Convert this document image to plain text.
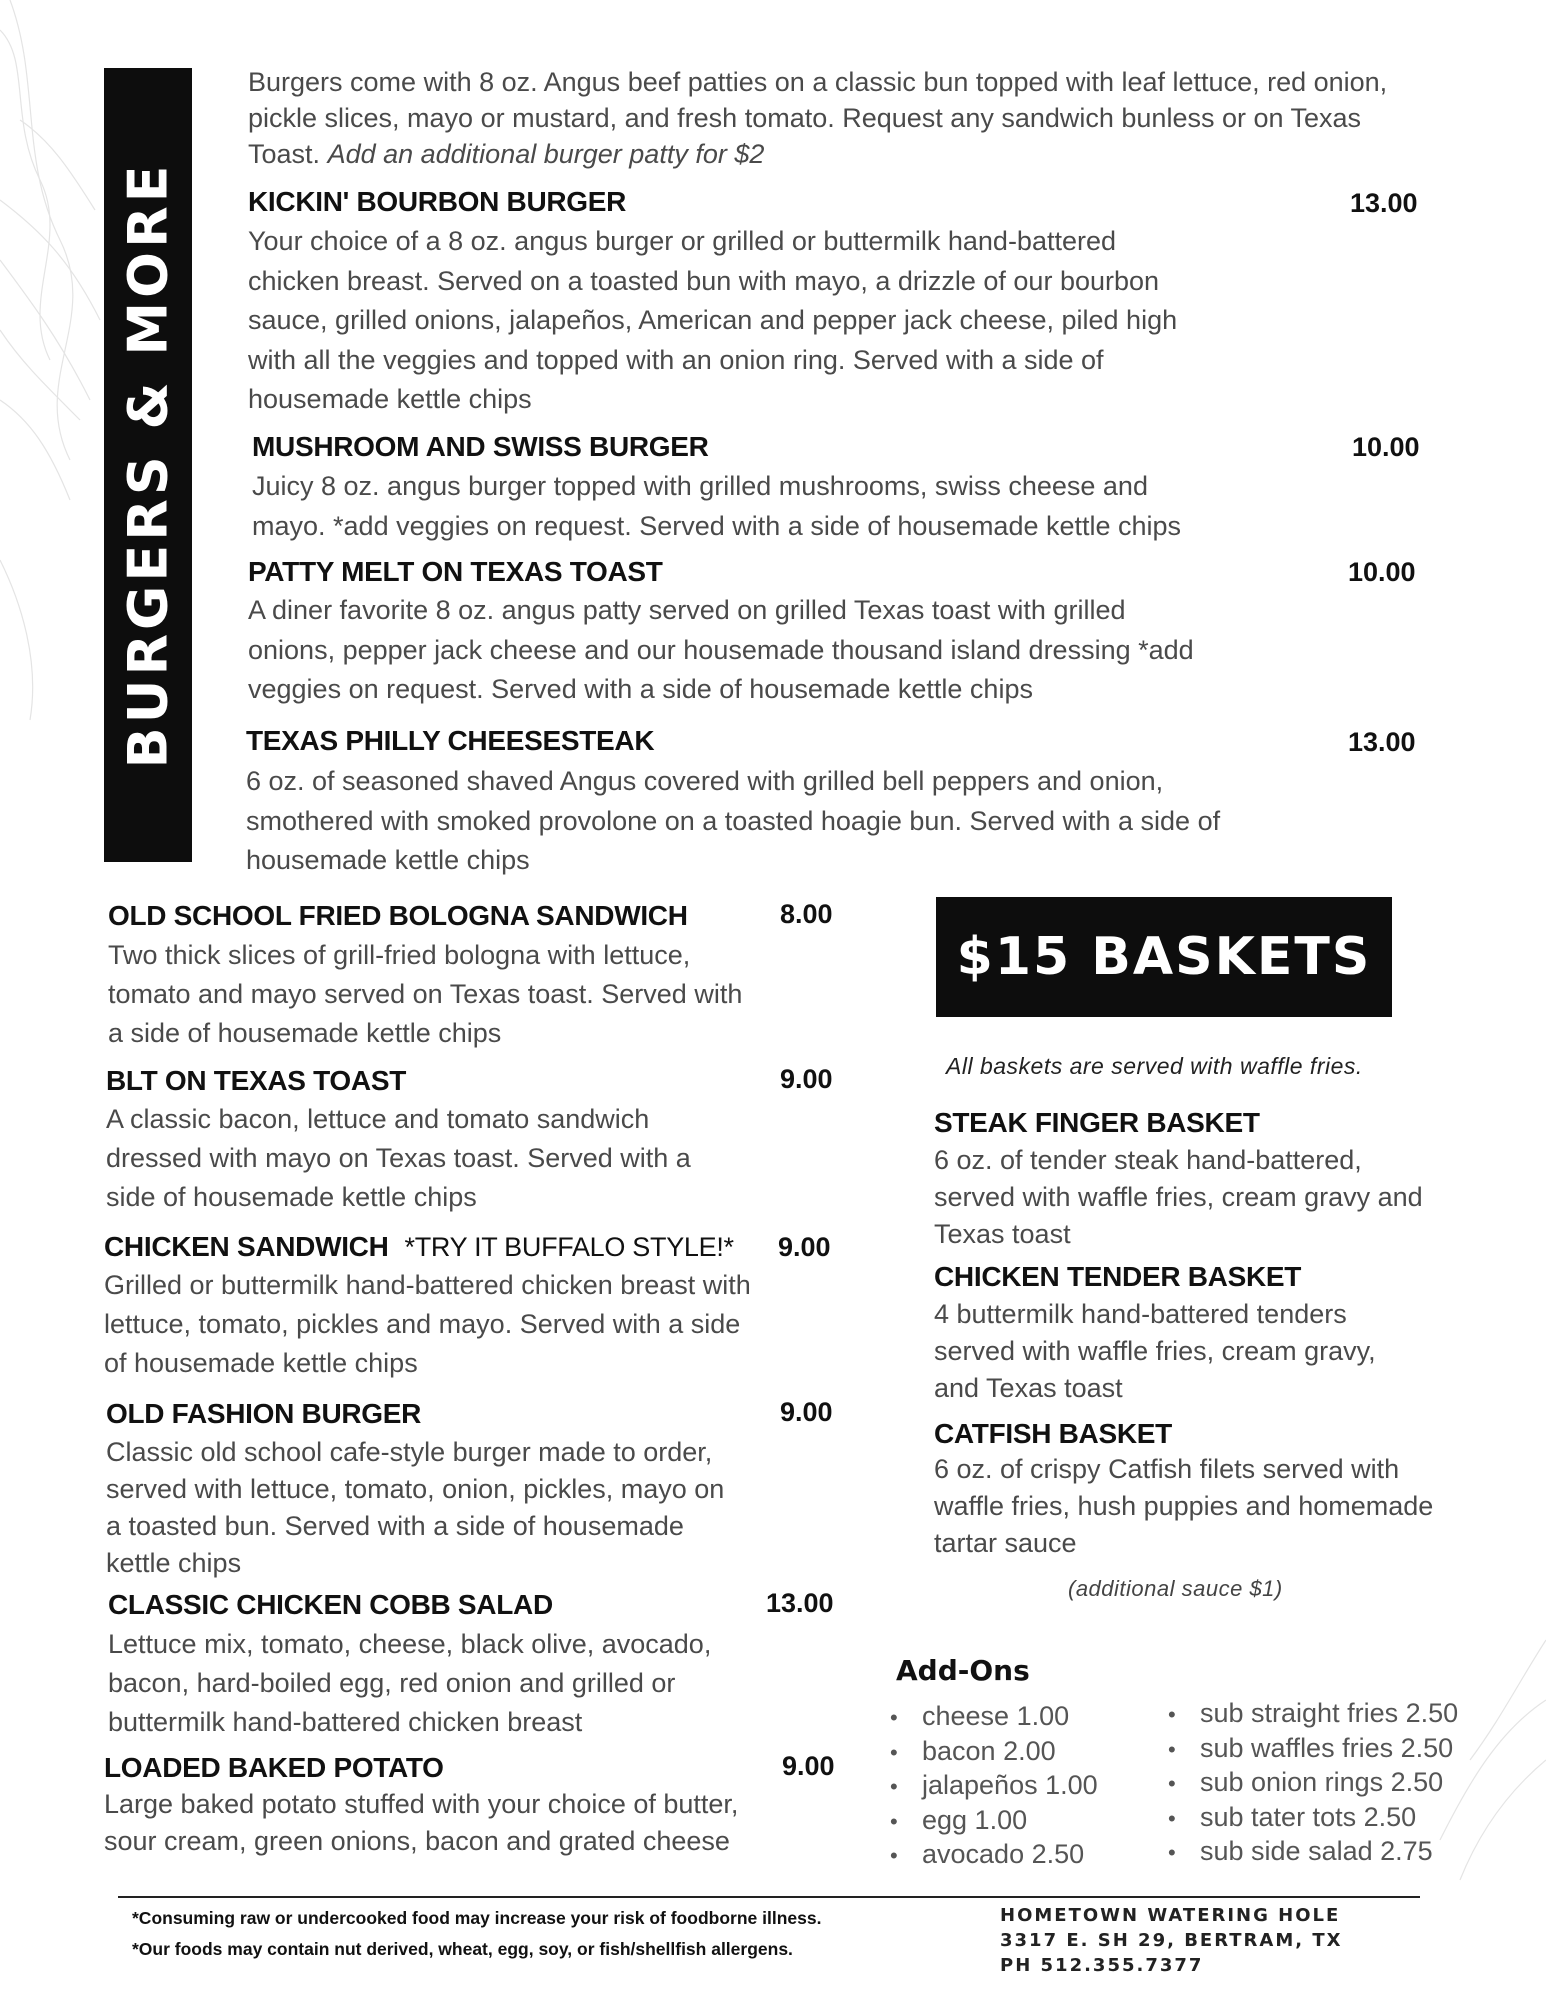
BURGERS & MORE
Burgers come with 8 oz. Angus beef patties on a classic bun topped with leaf lettuce, red onion, pickle slices, mayo or mustard, and fresh tomato. Request any sandwich bunless or on Texas Toast. Add an additional burger patty for $2
KICKIN' BOURBON BURGER	13.00
Your choice of a 8 oz. angus burger or grilled or buttermilk hand-battered chicken breast. Served on a toasted bun with mayo, a drizzle of our bourbon sauce, grilled onions, jalapeños, American and pepper jack cheese, piled high with all the veggies and topped with an onion ring. Served with a side of housemade kettle chips
MUSHROOM AND SWISS BURGER	10.00
Juicy 8 oz. angus burger topped with grilled mushrooms, swiss cheese and mayo. *add veggies on request. Served with a side of housemade kettle chips
PATTY MELT ON TEXAS TOAST	10.00
A diner favorite 8 oz. angus patty served on grilled Texas toast with grilled onions, pepper jack cheese and our housemade thousand island dressing *add veggies on request. Served with a side of housemade kettle chips
TEXAS PHILLY CHEESESTEAK	13.00
6 oz. of seasoned shaved Angus covered with grilled bell peppers and onion, smothered with smoked provolone on a toasted hoagie bun. Served with a side of housemade kettle chips
OLD SCHOOL FRIED BOLOGNA SANDWICH	8.00
Two thick slices of grill-fried bologna with lettuce, tomato and mayo served on Texas toast. Served with a side of housemade kettle chips
BLT ON TEXAS TOAST	9.00
A classic bacon, lettuce and tomato sandwich dressed with mayo on Texas toast. Served with a side of housemade kettle chips
CHICKEN SANDWICH *TRY IT BUFFALO STYLE!* 9.00
Grilled or buttermilk hand-battered chicken breast with lettuce, tomato, pickles and mayo. Served with a side of housemade kettle chips
OLD FASHION BURGER	9.00
Classic old school cafe-style burger made to order, served with lettuce, tomato, onion, pickles, mayo on a toasted bun. Served with a side of housemade kettle chips
CLASSIC CHICKEN COBB SALAD	13.00
Lettuce mix, tomato, cheese, black olive, avocado, bacon, hard-boiled egg, red onion and grilled or buttermilk hand-battered chicken breast
LOADED BAKED POTATO	9.00
Large baked potato stuffed with your choice of butter, sour cream, green onions, bacon and grated cheese
$15 BASKETS
All baskets are served with waffle fries.
STEAK FINGER BASKET
6 oz. of tender steak hand-battered, served with waffle fries, cream gravy and Texas toast
CHICKEN TENDER BASKET
4 buttermilk hand-battered tenders served with waffle fries, cream gravy, and Texas toast
CATFISH BASKET
6 oz. of crispy Catfish filets served with waffle fries, hush puppies and homemade tartar sauce
(additional sauce $1)
Add-Ons
• cheese 1.00
• bacon 2.00
• jalapeños 1.00
• egg 1.00
• avocado 2.50
• sub straight fries 2.50
• sub waffles fries 2.50
• sub onion rings 2.50
• sub tater tots 2.50
• sub side salad 2.75
*Consuming raw or undercooked food may increase your risk of foodborne illness.
*Our foods may contain nut derived, wheat, egg, soy, or fish/shellfish allergens.
HOMETOWN WATERING HOLE
3317 E. SH 29, BERTRAM, TX
PH 512.355.7377
